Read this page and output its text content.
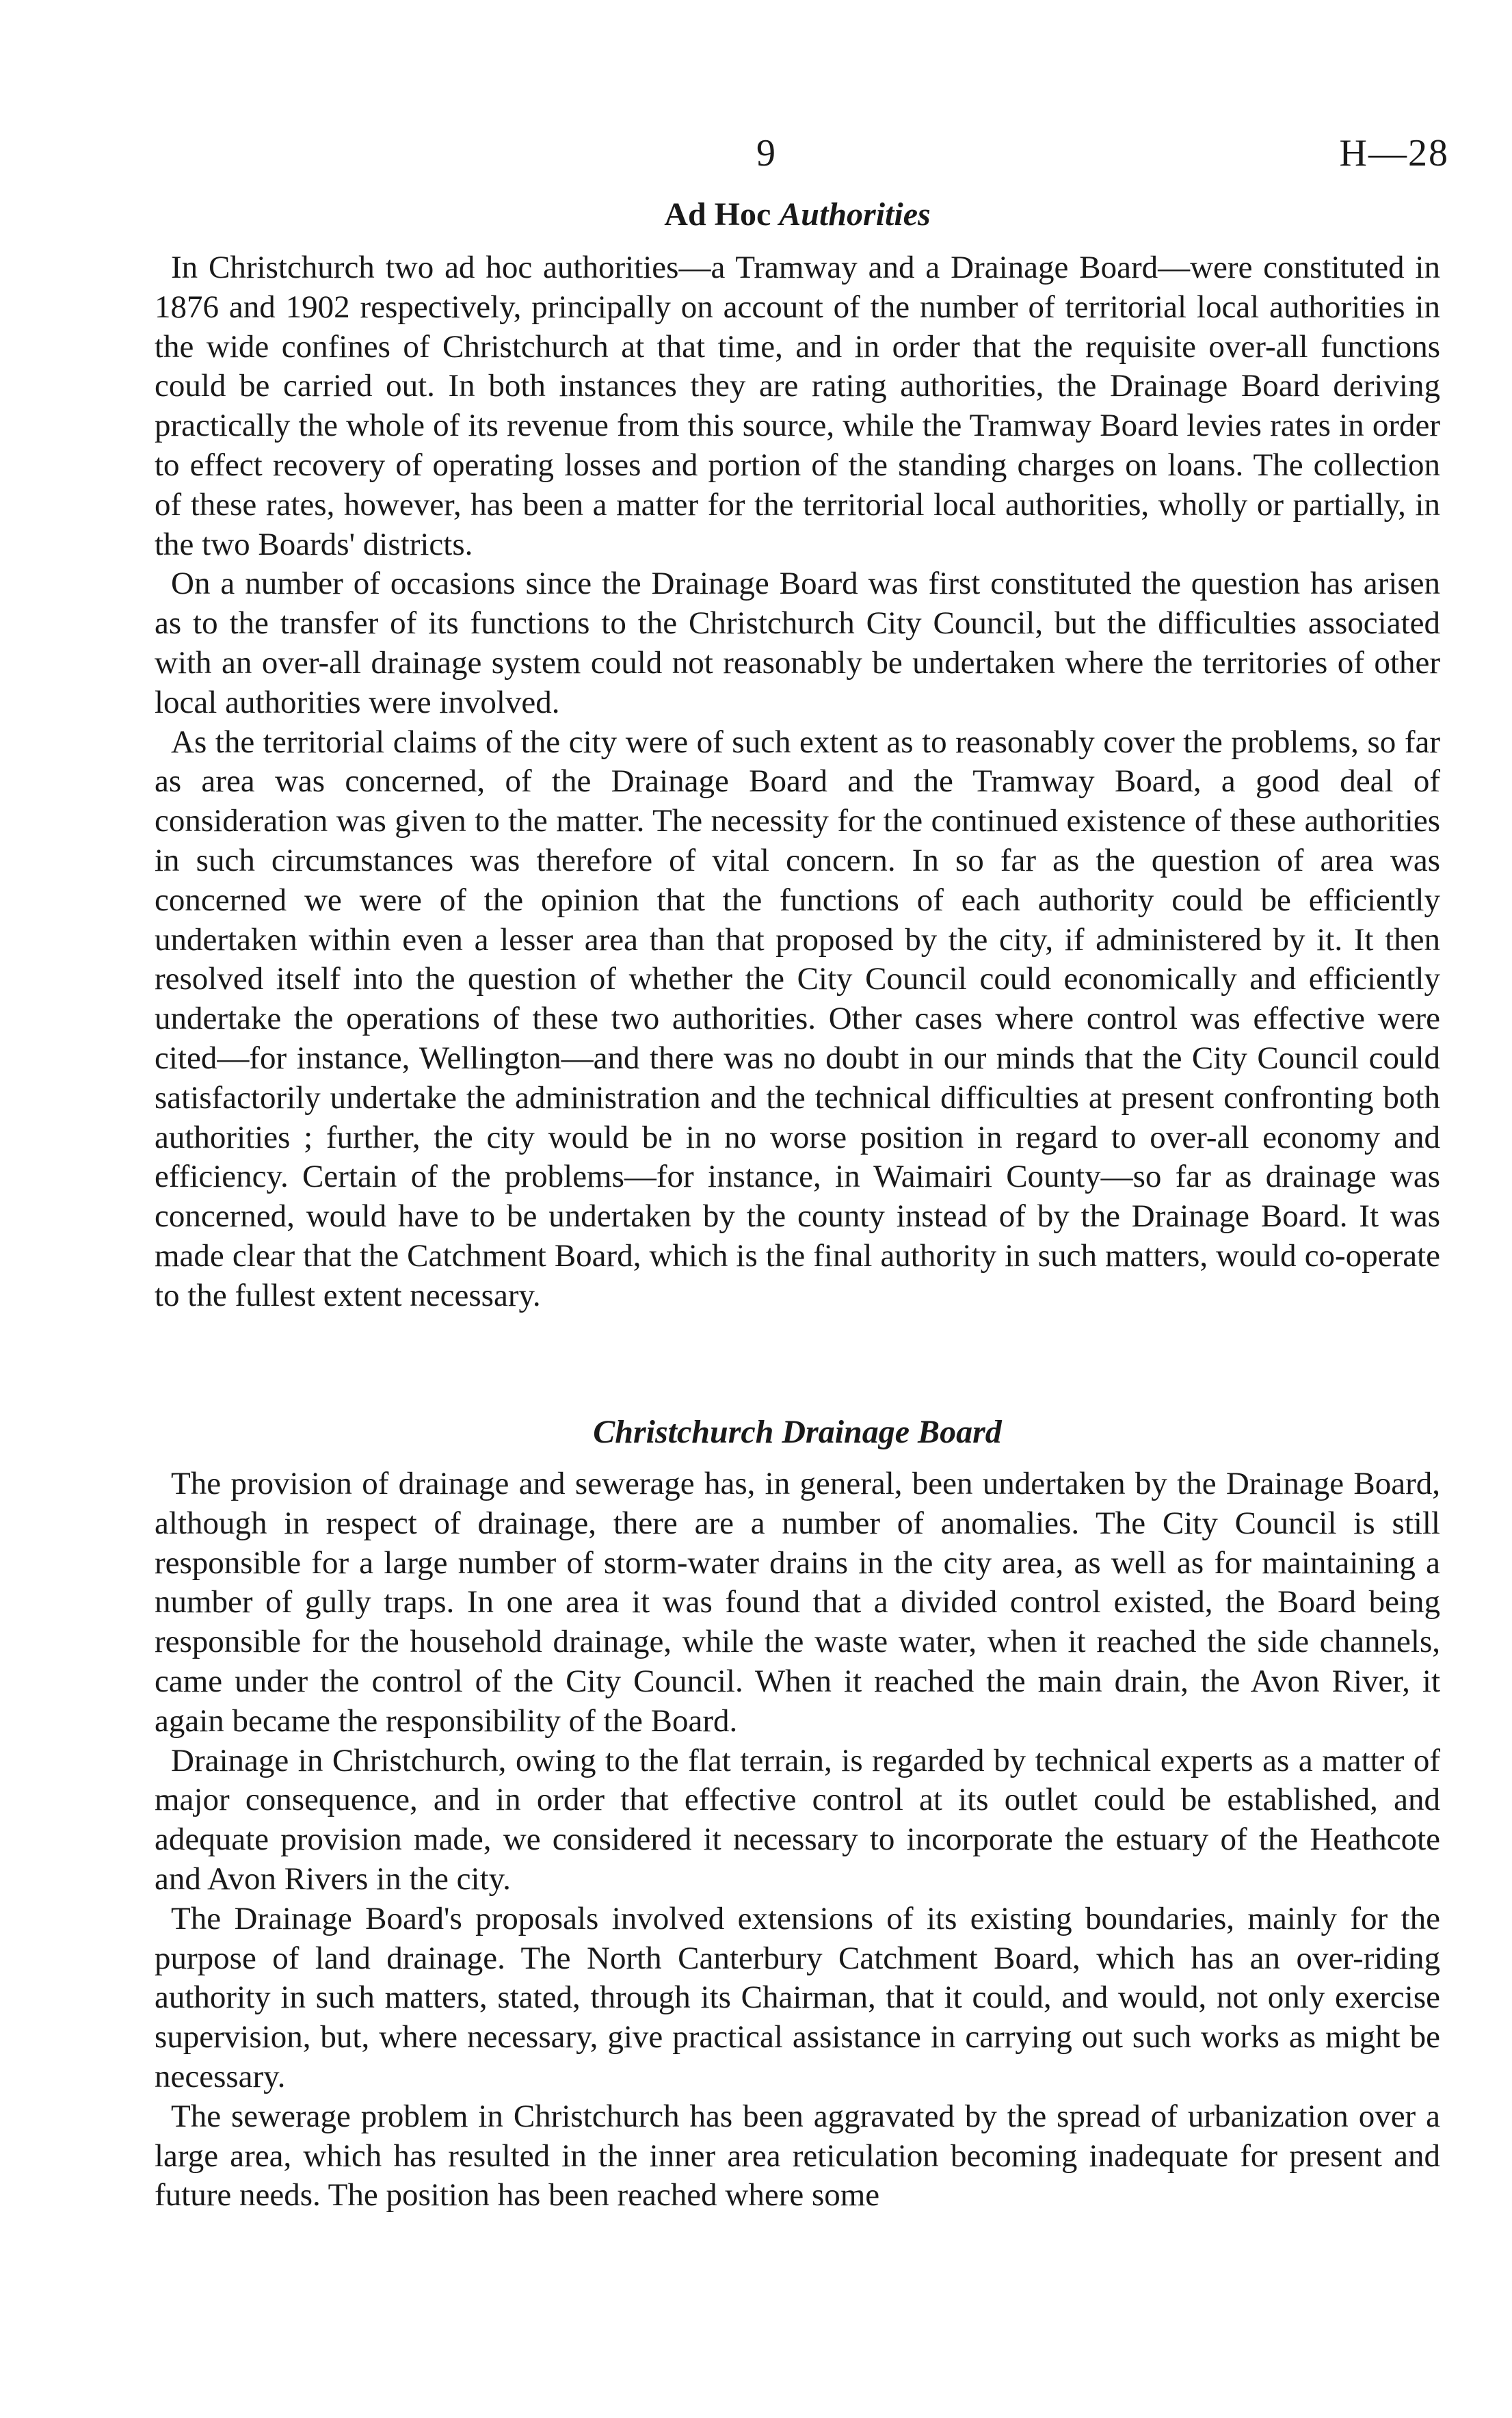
9	H—28
Ad Hoc Authorities

In Christchurch two ad hoc authorities—a Tramway and a Drainage Board—were constituted in 1876 and 1902 respectively, principally on account of the number of territorial local authorities in the wide confines of Christchurch at that time, and in order that the requisite over-all functions could be carried out. In both instances they are rating authorities, the Drainage Board deriving practically the whole of its revenue from this source, while the Tramway Board levies rates in order to effect recovery of operating losses and portion of the standing charges on loans. The collection of these rates, however, has been a matter for the territorial local authorities, wholly or partially, in the two Boards' districts.

On a number of occasions since the Drainage Board was first constituted the question has arisen as to the transfer of its functions to the Christchurch City Council, but the difficulties associated with an over-all drainage system could not reasonably be undertaken where the territories of other local authorities were involved.

As the territorial claims of the city were of such extent as to reasonably cover the problems, so far as area was concerned, of the Drainage Board and the Tramway Board, a good deal of consideration was given to the matter. The necessity for the continued existence of these authorities in such circumstances was therefore of vital concern. In so far as the question of area was concerned we were of the opinion that the functions of each authority could be efficiently undertaken within even a lesser area than that proposed by the city, if administered by it. It then resolved itself into the question of whether the City Council could economically and efficiently undertake the operations of these two authorities. Other cases where control was effective were cited—for instance, Wellington—and there was no doubt in our minds that the City Council could satisfactorily undertake the administration and the technical difficulties at present confronting both authorities ; further, the city would be in no worse position in regard to over-all economy and efficiency. Certain of the problems—for instance, in Waimairi County—so far as drainage was concerned, would have to be undertaken by the county instead of by the Drainage Board. It was made clear that the Catchment Board, which is the final authority in such matters, would co-operate to the fullest extent necessary.

Christchurch Drainage Board

The provision of drainage and sewerage has, in general, been undertaken by the Drainage Board, although in respect of drainage, there are a number of anomalies. The City Council is still responsible for a large number of storm-water drains in the city area, as well as for maintaining a number of gully traps. In one area it was found that a divided control existed, the Board being responsible for the household drainage, while the waste water, when it reached the side channels, came under the control of the City Council. When it reached the main drain, the Avon River, it again became the responsibility of the Board.

Drainage in Christchurch, owing to the flat terrain, is regarded by technical experts as a matter of major consequence, and in order that effective control at its outlet could be established, and adequate provision made, we considered it necessary to incorporate the estuary of the Heathcote and Avon Rivers in the city.

The Drainage Board's proposals involved extensions of its existing boundaries, mainly for the purpose of land drainage. The North Canterbury Catchment Board, which has an over-riding authority in such matters, stated, through its Chairman, that it could, and would, not only exercise supervision, but, where necessary, give practical assistance in carrying out such works as might be necessary.

The sewerage problem in Christchurch has been aggravated by the spread of urbanization over a large area, which has resulted in the inner area reticulation becoming inadequate for present and future needs. The position has been reached where some
